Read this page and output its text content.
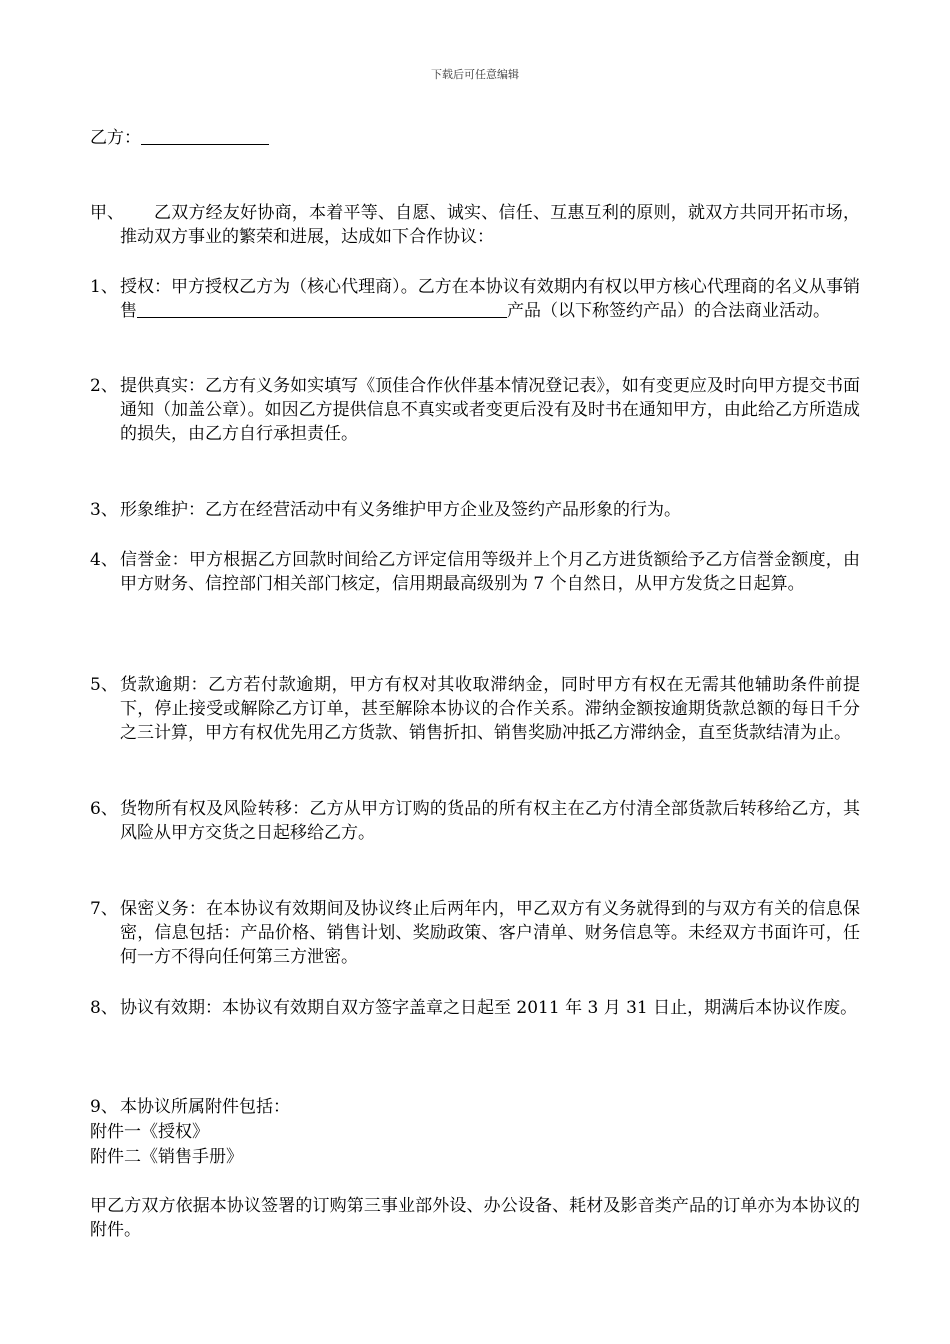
下载后可任意编辑
乙方：
甲、	乙双方经友好协商，本着平等、自愿、诚实、信任、互惠互利的原则，就双方共同开拓市场，推动双方事业的繁荣和进展，达成如下合作协议：
1、 授权：甲方授权乙方为（核心代理商）。乙方在本协议有效期内有权以甲方核心代理商的名义从事销售	产品（以下称签约产品）的合法商业活动。
2、 提供真实：乙方有义务如实填写《顶佳合作伙伴基本情况登记表》，如有变更应及时向甲方提交书面通知（加盖公章）。如因乙方提供信息不真实或者变更后没有及时书在通知甲方，由此给乙方所造成的损失，由乙方自行承担责任。
3、 形象维护：乙方在经营活动中有义务维护甲方企业及签约产品形象的行为。
4、 信誉金：甲方根据乙方回款时间给乙方评定信用等级并上个月乙方进货额给予乙方信誉金额度，由甲方财务、信控部门相关部门核定，信用期最高级别为 7 个自然日，从甲方发货之日起算。
5、 货款逾期：乙方若付款逾期，甲方有权对其收取滞纳金，同时甲方有权在无需其他辅助条件前提下，停止接受或解除乙方订单，甚至解除本协议的合作关系。滞纳金额按逾期货款总额的每日千分之三计算，甲方有权优先用乙方货款、销售折扣、销售奖励冲抵乙方滞纳金，直至货款结清为止。
6、 货物所有权及风险转移：乙方从甲方订购的货品的所有权主在乙方付清全部货款后转移给乙方，其风险从甲方交货之日起移给乙方。
7、 保密义务：在本协议有效期间及协议终止后两年内，甲乙双方有义务就得到的与双方有关的信息保密，信息包括：产品价格、销售计划、奖励政策、客户清单、财务信息等。未经双方书面许可，任何一方不得向任何第三方泄密。
8、 协议有效期：本协议有效期自双方签字盖章之日起至 2011 年 3 月 31 日止，期满后本协议作废。
9、 本协议所属附件包括：
附件一《授权》
附件二《销售手册》
甲乙方双方依据本协议签署的订购第三事业部外设、办公设备、耗材及影音类产品的订单亦为本协议的附件。
